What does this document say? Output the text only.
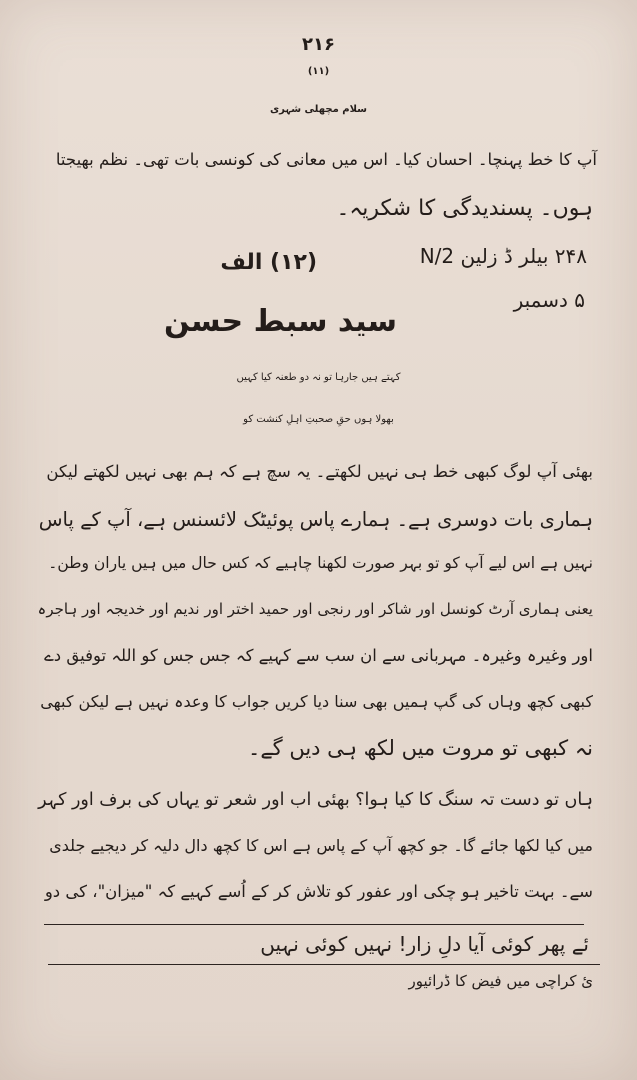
۲۱۶
(۱۱)
سلام مچھلی شہری
آپ کا خط پہنچا۔ احسان کیا۔ اس میں معانی کی کونسی بات تھی۔ نظم بھیجتا
ہوں۔ پسندیدگی کا شکریہ۔
۲۴۸ بیلر ڈ زلین N/2
(۱۲) الف
۵ دسمبر
سید سبط حسن
کہتے ہیں جارہا تو نہ دو طعنہ کیا کہیں
بھولا ہوں حقِ صحبتِ اہلِ کنشت کو
بھئی آپ لوگ کبھی خط ہی نہیں لکھتے۔ یہ سچ ہے کہ ہم بھی نہیں لکھتے لیکن
ہماری بات دوسری ہے۔ ہمارے پاس پوئیٹک لائسنس ہے، آپ کے پاس
نہیں ہے اس لیے آپ کو تو بہر صورت لکھنا چاہیے کہ کس حال میں ہیں یاران وطن۔
یعنی ہماری آرٹ کونسل اور شاکر اور رنجی اور حمید اختر اور ندیم اور خدیجہ اور ہاجرہ
اور وغیرہ وغیرہ۔ مہربانی سے ان سب سے کہیے کہ جس جس کو اللہ توفیق دے
کبھی کچھ وہاں کی گپ ہمیں بھی سنا دیا کریں جواب کا وعدہ نہیں ہے لیکن کبھی
نہ کبھی تو مروت میں لکھ ہی دیں گے۔
ہاں تو دست تہ سنگ کا کیا ہوا؟ بھئی اب اور شعر تو یہاں کی برف اور کہر
میں کیا لکھا جائے گا۔ جو کچھ آپ کے پاس ہے اس کا کچھ دال دلیہ کر دیجیے جلدی
سے۔ بہت تاخیر ہو چکی اور عفور کو تلاش کر کے اُسے کہیے کہ "میزان"، کی دو
ئے پھر کوئی آیا دلِ زار! نہیں کوئی نہیں
ئ کراچی میں فیض کا ڈرائیور
